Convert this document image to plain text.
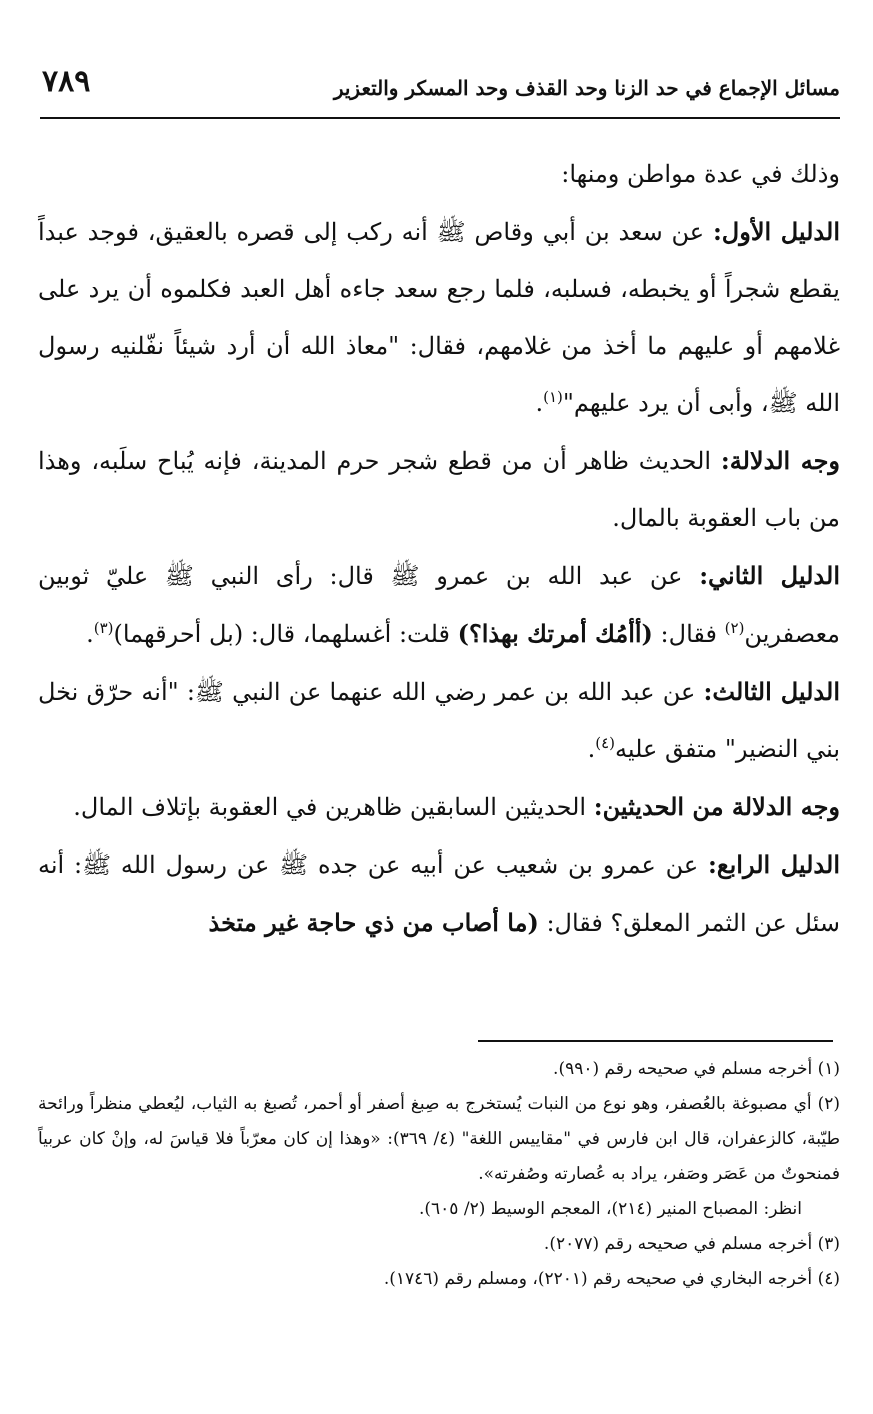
مسائل الإجماع في حد الزنا وحد القذف وحد المسكر والتعزير
٧٨٩

وذلك في عدة مواطن ومنها:

الدليل الأول: عن سعد بن أبي وقاص ﷺ أنه ركب إلى قصره بالعقيق، فوجد عبداً يقطع شجراً أو يخبطه، فسلبه، فلما رجع سعد جاءه أهل العبد فكلموه أن يرد على غلامهم أو عليهم ما أخذ من غلامهم، فقال: "معاذ الله أن أرد شيئاً نفّلنيه رسول الله ﷺ، وأبى أن يرد عليهم"$^{(١)}$.

وجه الدلالة: الحديث ظاهر أن من قطع شجر حرم المدينة، فإنه يُباح سلَبه، وهذا من باب العقوبة بالمال.

الدليل الثاني: عن عبد الله بن عمرو ﷺ قال: رأى النبي ﷺ عليّ ثوبين معصفرين$^{(٢)}$ فقال: (أأمُك أمرتك بهذا؟) قلت: أغسلهما، قال: (بل أحرقهما)$^{(٣)}$.

الدليل الثالث: عن عبد الله بن عمر رضي الله عنهما عن النبي ﷺ: "أنه حرّق نخل بني النضير" متفق عليه$^{(٤)}$.

وجه الدلالة من الحديثين: الحديثين السابقين ظاهرين في العقوبة بإتلاف المال.

الدليل الرابع: عن عمرو بن شعيب عن أبيه عن جده ﷺ عن رسول الله ﷺ: أنه سئل عن الثمر المعلق؟ فقال: (ما أصاب من ذي حاجة غير متخذ

(١) أخرجه مسلم في صحيحه رقم (٩٩٠).

(٢) أي مصبوغة بالعُصفر، وهو نوع من النبات يُستخرج به صِبغ أصفر أو أحمر، تُصبغ به الثياب، ليُعطي منظراً ورائحة طيّبة، كالزعفران، قال ابن فارس في "مقاييس اللغة" (٤/ ٣٦٩): «وهذا إن كان معرّباً فلا قياسَ له، وإنْ كان عربياً فمنحوتٌ من عَصَر وصَفر، يراد به عُصارته وصُفرته».

انظر: المصباح المنير (٢١٤)، المعجم الوسيط (٢/ ٦٠٥).

(٣) أخرجه مسلم في صحيحه رقم (٢٠٧٧).

(٤) أخرجه البخاري في صحيحه رقم (٢٢٠١)، ومسلم رقم (١٧٤٦).
